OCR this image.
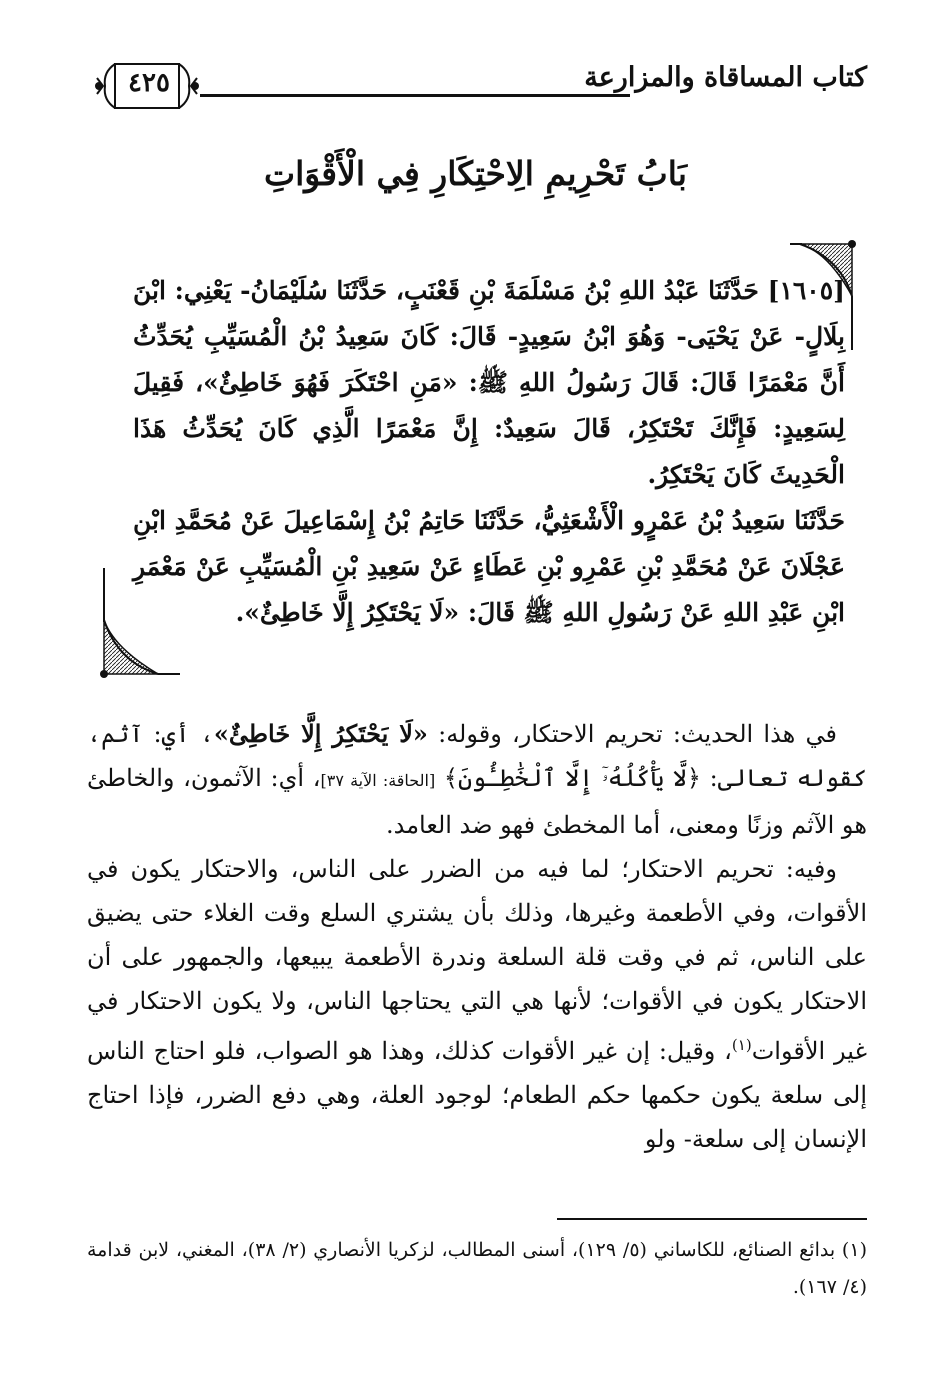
كتاب المساقاة والمزارعة
٤٢٥
بَابُ تَحْرِيمِ الِاحْتِكَارِ فِي الْأَقْوَاتِ

[١٦٠٥] حَدَّثَنَا عَبْدُ اللهِ بْنُ مَسْلَمَةَ بْنِ قَعْنَبٍ، حَدَّثَنَا سُلَيْمَانُ- يَعْنِي: ابْنَ بِلَالٍ- عَنْ يَحْيَى- وَهُوَ ابْنُ سَعِيدٍ- قَالَ: كَانَ سَعِيدُ بْنُ الْمُسَيِّبِ يُحَدِّثُ أَنَّ مَعْمَرًا قَالَ: قَالَ رَسُولُ اللهِ ﷺ: «مَنِ احْتَكَرَ فَهُوَ خَاطِئٌ»، فَقِيلَ لِسَعِيدٍ: فَإِنَّكَ تَحْتَكِرُ، قَالَ سَعِيدٌ: إِنَّ مَعْمَرًا الَّذِي كَانَ يُحَدِّثُ هَذَا الْحَدِيثَ كَانَ يَحْتَكِرُ.

حَدَّثَنَا سَعِيدُ بْنُ عَمْرٍو الْأَشْعَثِيُّ، حَدَّثَنَا حَاتِمُ بْنُ إِسْمَاعِيلَ عَنْ مُحَمَّدِ ابْنِ عَجْلَانَ عَنْ مُحَمَّدِ بْنِ عَمْرِو بْنِ عَطَاءٍ عَنْ سَعِيدِ بْنِ الْمُسَيِّبِ عَنْ مَعْمَرِ ابْنِ عَبْدِ اللهِ عَنْ رَسُولِ اللهِ ﷺ قَالَ: «لَا يَحْتَكِرُ إِلَّا خَاطِئٌ».

في هذا الحديث: تحريم الاحتكار، وقوله: «لَا يَحْتَكِرُ إِلَّا خَاطِئٌ»، أي: آثم، كقوله تعالى: ﴿لَّا يَأْكُلُهُۥٓ إِلَّا ٱلْخَٰطِـُٔونَ﴾ [الحاقة: الآية ٣٧]، أي: الآثمون، والخاطئ هو الآثم وزنًا ومعنى، أما المخطئ فهو ضد العامد.

وفيه: تحريم الاحتكار؛ لما فيه من الضرر على الناس، والاحتكار يكون في الأقوات، وفي الأطعمة وغيرها، وذلك بأن يشتري السلع وقت الغلاء حتى يضيق على الناس، ثم في وقت قلة السلعة وندرة الأطعمة يبيعها، والجمهور على أن الاحتكار يكون في الأقوات؛ لأنها هي التي يحتاجها الناس، ولا يكون الاحتكار في غير الأقوات$^{(١)}$، وقيل: إن غير الأقوات كذلك، وهذا هو الصواب، فلو احتاج الناس إلى سلعة يكون حكمها حكم الطعام؛ لوجود العلة، وهي دفع الضرر، فإذا احتاج الإنسان إلى سلعة- ولو

(١) بدائع الصنائع، للكاساني (٥/ ١٢٩)، أسنى المطالب، لزكريا الأنصاري (٢/ ٣٨)، المغني، لابن قدامة (٤/ ١٦٧).
